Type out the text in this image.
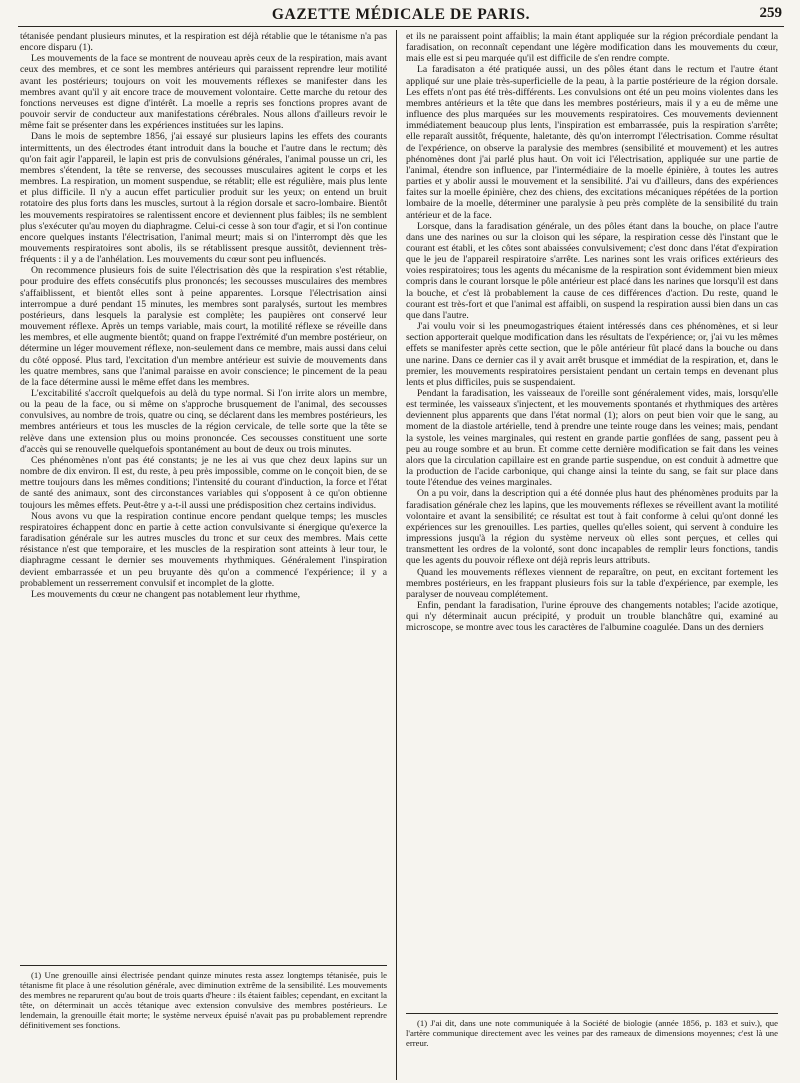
GAZETTE MÉDICALE DE PARIS.	259

tétanisée pendant plusieurs minutes, et la respiration est déjà rétablie que le tétanisme n'a pas encore disparu (1).

Les mouvements de la face se montrent de nouveau après ceux de la respiration, mais avant ceux des membres, et ce sont les membres antérieurs qui paraissent reprendre leur motilité avant les postérieurs; toujours on voit les mouvements réflexes se manifester dans les membres avant qu'il y ait encore trace de mouvement volontaire. Cette marche du retour des fonctions nerveuses est digne d'intérêt. La moelle a repris ses fonctions propres avant de pouvoir servir de conducteur aux manifestations cérébrales. Nous allons d'ailleurs revoir le même fait se présenter dans les expériences instituées sur les lapins.

Dans le mois de septembre 1856, j'ai essayé sur plusieurs lapins les effets des courants intermittents, un des électrodes étant introduit dans la bouche et l'autre dans le rectum; dès qu'on fait agir l'appareil, le lapin est pris de convulsions générales, l'animal pousse un cri, les membres s'étendent, la tête se renverse, des secousses musculaires agitent le corps et les membres. La respiration, un moment suspendue, se rétablit; elle est régulière, mais plus lente et plus difficile. Il n'y a aucun effet particulier produit sur les yeux; on entend un bruit rotatoire des plus forts dans les muscles, surtout à la région dorsale et sacro-lombaire. Bientôt les mouvements respiratoires se ralentissent encore et deviennent plus faibles; ils ne semblent plus s'exécuter qu'au moyen du diaphragme. Celui-ci cesse à son tour d'agir, et si l'on continue encore quelques instants l'électrisation, l'animal meurt; mais si on l'interrompt dès que les mouvements respiratoires sont abolis, ils se rétablissent presque aussitôt, deviennent très-fréquents : il y a de l'anhélation. Les mouvements du cœur sont peu influencés.

On recommence plusieurs fois de suite l'électrisation dès que la respiration s'est rétablie, pour produire des effets consécutifs plus prononcés; les secousses musculaires des membres s'affaiblissent, et bientôt elles sont à peine apparentes. Lorsque l'électrisation ainsi interrompue a duré pendant 15 minutes, les membres sont paralysés, surtout les membres postérieurs, dans lesquels la paralysie est complète; les paupières ont conservé leur mouvement réflexe. Après un temps variable, mais court, la motilité réflexe se réveille dans les membres, et elle augmente bientôt; quand on frappe l'extrémité d'un membre postérieur, on détermine un léger mouvement réflexe, non-seulement dans ce membre, mais aussi dans celui du côté opposé. Plus tard, l'excitation d'un membre antérieur est suivie de mouvements dans les quatre membres, sans que l'animal paraisse en avoir conscience; le pincement de la peau de la face détermine aussi le même effet dans les membres.

L'excitabilité s'accroît quelquefois au delà du type normal. Si l'on irrite alors un membre, ou la peau de la face, ou si même on s'approche brusquement de l'animal, des secousses convulsives, au nombre de trois, quatre ou cinq, se déclarent dans les membres postérieurs, les membres antérieurs et tous les muscles de la région cervicale, de telle sorte que la tête se relève dans une extension plus ou moins prononcée. Ces secousses constituent une sorte d'accès qui se renouvelle quelquefois spontanément au bout de deux ou trois minutes.

Ces phénomènes n'ont pas été constants; je ne les ai vus que chez deux lapins sur un nombre de dix environ. Il est, du reste, à peu près impossible, comme on le conçoit bien, de se mettre toujours dans les mêmes conditions; l'intensité du courant d'induction, la force et l'état de santé des animaux, sont des circonstances variables qui s'opposent à ce qu'on obtienne toujours les mêmes effets. Peut-être y a-t-il aussi une prédisposition chez certains individus.

Nous avons vu que la respiration continue encore pendant quelque temps; les muscles respiratoires échappent donc en partie à cette action convulsivante si énergique qu'exerce la faradisation générale sur les autres muscles du tronc et sur ceux des membres. Mais cette résistance n'est que temporaire, et les muscles de la respiration sont atteints à leur tour, le diaphragme cessant le dernier ses mouvements rhythmiques. Généralement l'inspiration devient embarrassée et un peu bruyante dès qu'on a commencé l'expérience; il y a probablement un resserrement convulsif et incomplet de la glotte.

Les mouvements du cœur ne changent pas notablement leur rhythme,

(1) Une grenouille ainsi électrisée pendant quinze minutes resta assez longtemps tétanisée, puis le tétanisme fit place à une résolution générale, avec diminution extrême de la sensibilité. Les mouvements des membres ne reparurent qu'au bout de trois quarts d'heure : ils étaient faibles; cependant, en excitant la tête, on déterminait un accès tétanique avec extension convulsive des membres postérieurs. Le lendemain, la grenouille était morte; le système nerveux épuisé n'avait pas pu probablement reprendre définitivement ses fonctions.

et ils ne paraissent point affaiblis; la main étant appliquée sur la région précordiale pendant la faradisation, on reconnaît cependant une légère modification dans les mouvements du cœur, mais elle est si peu marquée qu'il est difficile de s'en rendre compte.

La faradisaton a été pratiquée aussi, un des pôles étant dans le rectum et l'autre étant appliqué sur une plaie très-superficielle de la peau, à la partie postérieure de la région dorsale. Les effets n'ont pas été très-différents. Les convulsions ont été un peu moins violentes dans les membres antérieurs et la tête que dans les membres postérieurs, mais il y a eu de même une influence des plus marquées sur les mouvements respiratoires. Ces mouvements deviennent immédiatement beaucoup plus lents, l'inspiration est embarrassée, puis la respiration s'arrête; elle reparaît aussitôt, fréquente, haletante, dès qu'on interrompt l'électrisation. Comme résultat de l'expérience, on observe la paralysie des membres (sensibilité et mouvement) et les autres phénomènes dont j'ai parlé plus haut. On voit ici l'électrisation, appliquée sur une partie de l'animal, étendre son influence, par l'intermédiaire de la moelle épinière, à toutes les autres parties et y abolir aussi le mouvement et la sensibilité. J'ai vu d'ailleurs, dans des expériences faites sur la moelle épinière, chez des chiens, des excitations mécaniques répétées de la portion lombaire de la moelle, déterminer une paralysie à peu près complète de la sensibilité du train antérieur et de la face.

Lorsque, dans la faradisation générale, un des pôles étant dans la bouche, on place l'autre dans une des narines ou sur la cloison qui les sépare, la respiration cesse dès l'instant que le courant est établi, et les côtes sont abaissées convulsivement; c'est donc dans l'état d'expiration que le jeu de l'appareil respiratoire s'arrête. Les narines sont les vrais orifices extérieurs des voies respiratoires; tous les agents du mécanisme de la respiration sont évidemment bien mieux compris dans le courant lorsque le pôle antérieur est placé dans les narines que lorsqu'il est dans la bouche, et c'est là probablement la cause de ces différences d'action. Du reste, quand le courant est très-fort et que l'animal est affaibli, on suspend la respiration aussi bien dans un cas que dans l'autre.

J'ai voulu voir si les pneumogastriques étaient intéressés dans ces phénomènes, et si leur section apporterait quelque modification dans les résultats de l'expérience; or, j'ai vu les mêmes effets se manifester après cette section, que le pôle antérieur fût placé dans la bouche ou dans une narine. Dans ce dernier cas il y avait arrêt brusque et immédiat de la respiration, et, dans le premier, les mouvements respiratoires persistaient pendant un certain temps en devenant plus lents et plus difficiles, puis se suspendaient.

Pendant la faradisation, les vaisseaux de l'oreille sont généralement vides, mais, lorsqu'elle est terminée, les vaisseaux s'injectent, et les mouvements spontanés et rhythmiques des artères deviennent plus apparents que dans l'état normal (1); alors on peut bien voir que le sang, au moment de la diastole artérielle, tend à prendre une teinte rouge dans les veines; mais, pendant la systole, les veines marginales, qui restent en grande partie gonflées de sang, passent peu à peu au rouge sombre et au brun. Et comme cette dernière modification se fait dans les veines alors que la circulation capillaire est en grande partie suspendue, on est conduit à admettre que la production de l'acide carbonique, qui change ainsi la teinte du sang, se fait sur place dans toute l'étendue des veines marginales.

On a pu voir, dans la description qui a été donnée plus haut des phénomènes produits par la faradisation générale chez les lapins, que les mouvements réflexes se réveillent avant la motilité volontaire et avant la sensibilité; ce résultat est tout à fait conforme à celui qu'ont donné les expériences sur les grenouilles. Les parties, quelles qu'elles soient, qui servent à conduire les impressions jusqu'à la région du système nerveux où elles sont perçues, et celles qui transmettent les ordres de la volonté, sont donc incapables de remplir leurs fonctions, tandis que les agents du pouvoir réflexe ont déjà repris leurs attributs.

Quand les mouvements réflexes viennent de reparaître, on peut, en excitant fortement les membres postérieurs, en les frappant plusieurs fois sur la table d'expérience, par exemple, les paralyser de nouveau complétement.

Enfin, pendant la faradisation, l'urine éprouve des changements notables; l'acide azotique, qui n'y déterminait aucun précipité, y produit un trouble blanchâtre qui, examiné au microscope, se montre avec tous les caractères de l'albumine coagulée. Dans un des derniers

(1) J'ai dit, dans une note communiquée à la Société de biologie (année 1856, p. 183 et suiv.), que l'artère communique directement avec les veines par des rameaux de dimensions moyennes; c'est là une erreur.
